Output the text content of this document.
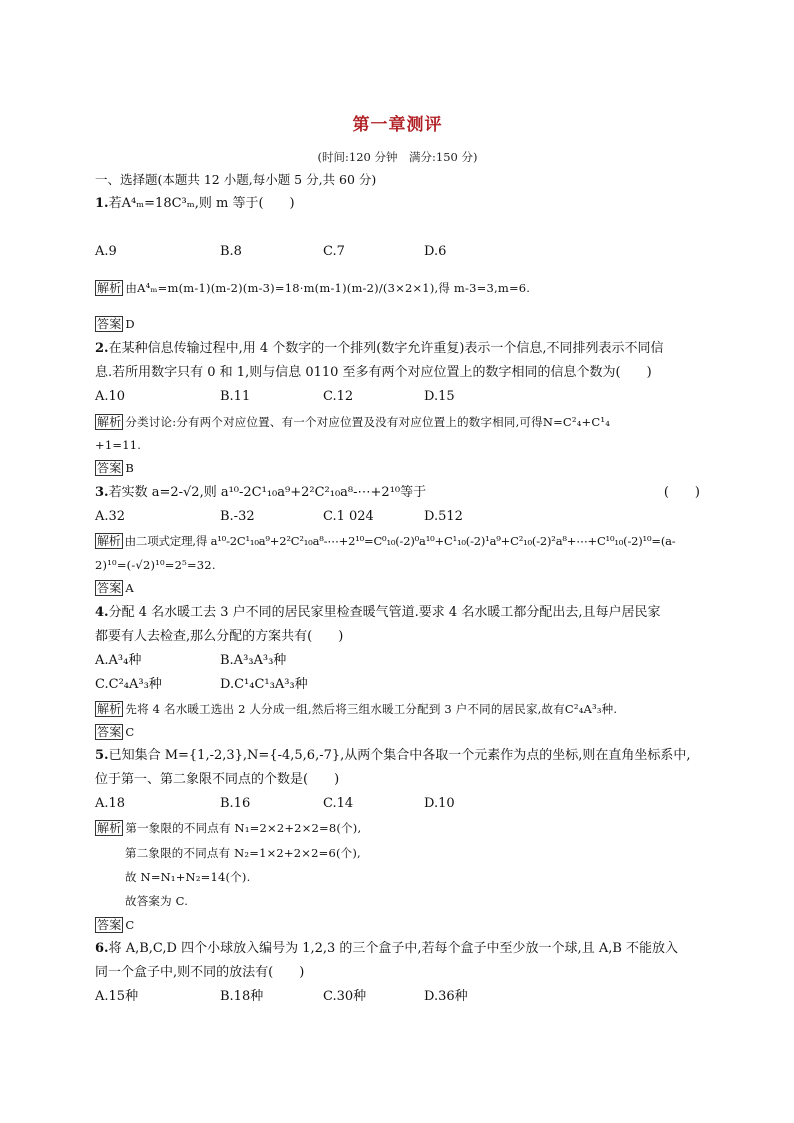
第一章测评
(时间:120 分钟　满分:150 分)
一、选择题(本题共 12 小题,每小题 5 分,共 60 分)
1.若A⁴ₘ=18C³ₘ,则 m 等于(　　)
A.9	B.8	C.7	D.6
解析 由A⁴ₘ=m(m-1)(m-2)(m-3)=18·m(m-1)(m-2)/(3×2×1),得 m-3=3,m=6.
答案 D
2.在某种信息传输过程中,用 4 个数字的一个排列(数字允许重复)表示一个信息,不同排列表示不同信
息.若所用数字只有 0 和 1,则与信息 0110 至多有两个对应位置上的数字相同的信息个数为(　　)
A.10	B.11	C.12	D.15
解析 分类讨论:分有两个对应位置、有一个对应位置及没有对应位置上的数字相同,可得N=C²₄+C¹₄
+1=11.
答案 B
3.若实数 a=2-√2,则 a¹⁰-2C¹₁₀a⁹+2²C²₁₀a⁸-⋯+2¹⁰等于	(　　)
A.32	B.-32	C.1 024	D.512
解析 由二项式定理,得 a¹⁰-2C¹₁₀a⁹+2²C²₁₀a⁸-⋯+2¹⁰=C⁰₁₀(-2)⁰a¹⁰+C¹₁₀(-2)¹a⁹+C²₁₀(-2)²a⁸+⋯+C¹⁰₁₀(-2)¹⁰=(a-
2)¹⁰=(-√2)¹⁰=2⁵=32.
答案 A
4.分配 4 名水暖工去 3 户不同的居民家里检查暖气管道.要求 4 名水暖工都分配出去,且每户居民家
都要有人去检查,那么分配的方案共有(　　)
A.A³₄种	B.A³₃A³₃种
C.C²₄A³₃种	D.C¹₄C¹₃A³₃种
解析 先将 4 名水暖工选出 2 人分成一组,然后将三组水暖工分配到 3 户不同的居民家,故有C²₄A³₃种.
答案 C
5.已知集合 M={1,-2,3},N={-4,5,6,-7},从两个集合中各取一个元素作为点的坐标,则在直角坐标系中,
位于第一、第二象限不同点的个数是(　　)
A.18	B.16	C.14	D.10
解析 第一象限的不同点有 N₁=2×2+2×2=8(个),
第二象限的不同点有 N₂=1×2+2×2=6(个),
故 N=N₁+N₂=14(个).
故答案为 C.
答案 C
6.将 A,B,C,D 四个小球放入编号为 1,2,3 的三个盒子中,若每个盒子中至少放一个球,且 A,B 不能放入
同一个盒子中,则不同的放法有(　　)
A.15种	B.18种	C.30种	D.36种
